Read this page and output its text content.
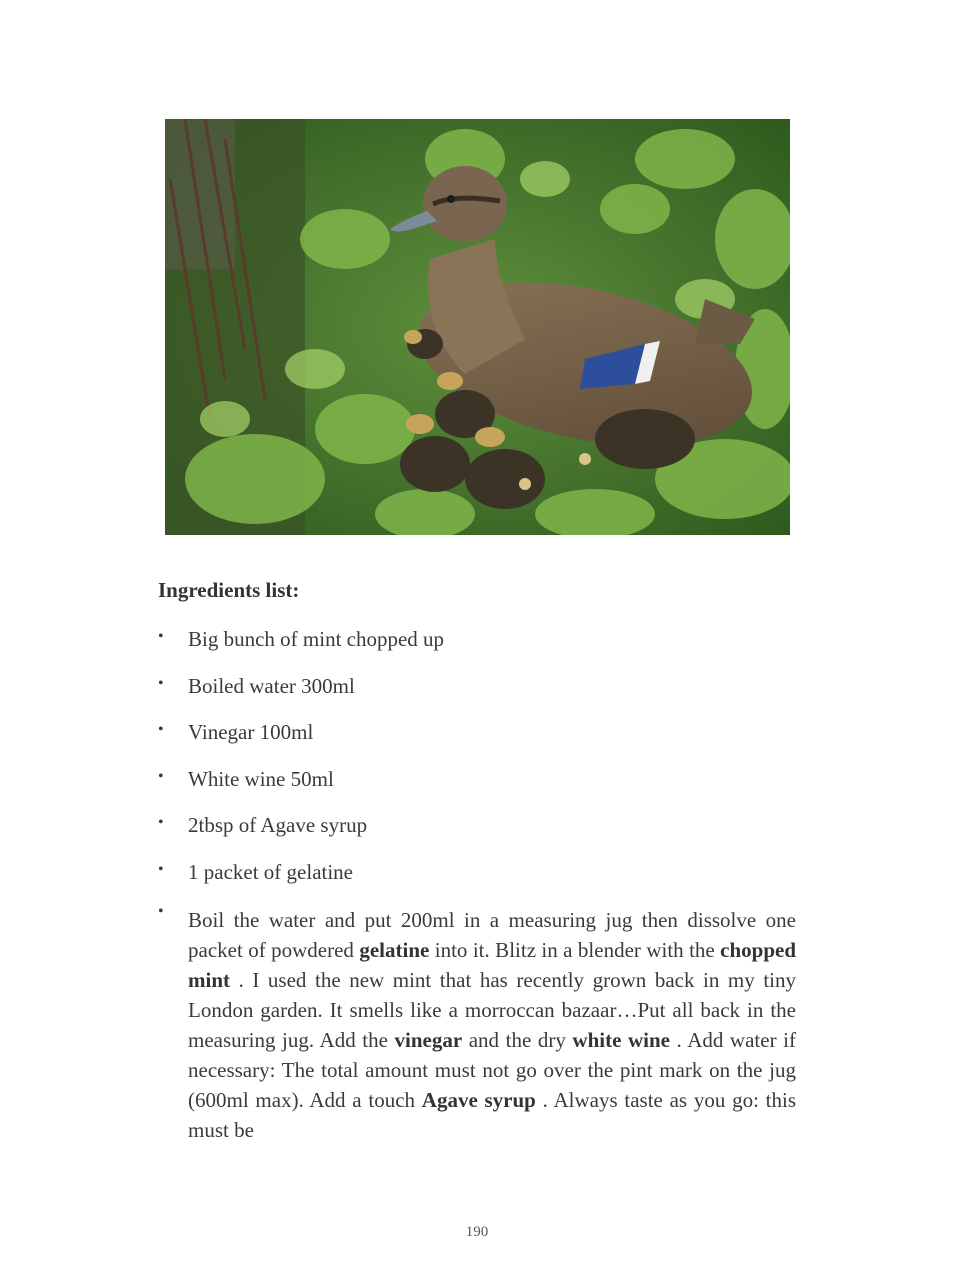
Ingredients list:
• Big bunch of mint chopped up
• Boiled water 300ml
• Vinegar 100ml
• White wine 50ml
• 2tbsp of Agave syrup
• 1 packet of gelatine
• Boil the water and put 200ml in a measuring jug then dissolve one packet of powdered gelatine into it. Blitz in a blender with the chopped mint . I used the new mint that has recently grown back in my tiny London garden. It smells like a morroccan bazaar…Put all back in the measuring jug. Add the vinegar and the dry white wine . Add water if necessary: The total amount must not go over the pint mark on the jug (600ml max). Add a touch Agave syrup . Always taste as you go: this must be

190
